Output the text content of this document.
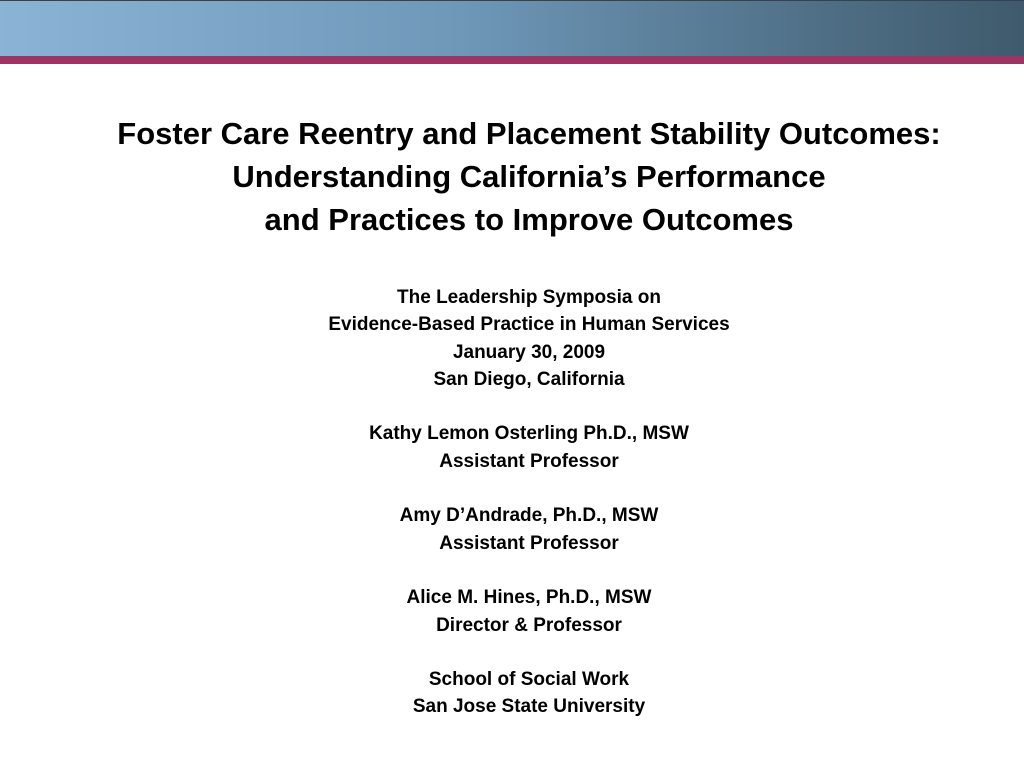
Foster Care Reentry and Placement Stability Outcomes:
Understanding California’s Performance
and Practices to Improve Outcomes
The Leadership Symposia on
Evidence-Based Practice in Human Services
January 30, 2009
San Diego, California
Kathy Lemon Osterling Ph.D., MSW
Assistant Professor
Amy D’Andrade, Ph.D., MSW
Assistant Professor
Alice M. Hines, Ph.D., MSW
Director & Professor
School of Social Work
San Jose State University
